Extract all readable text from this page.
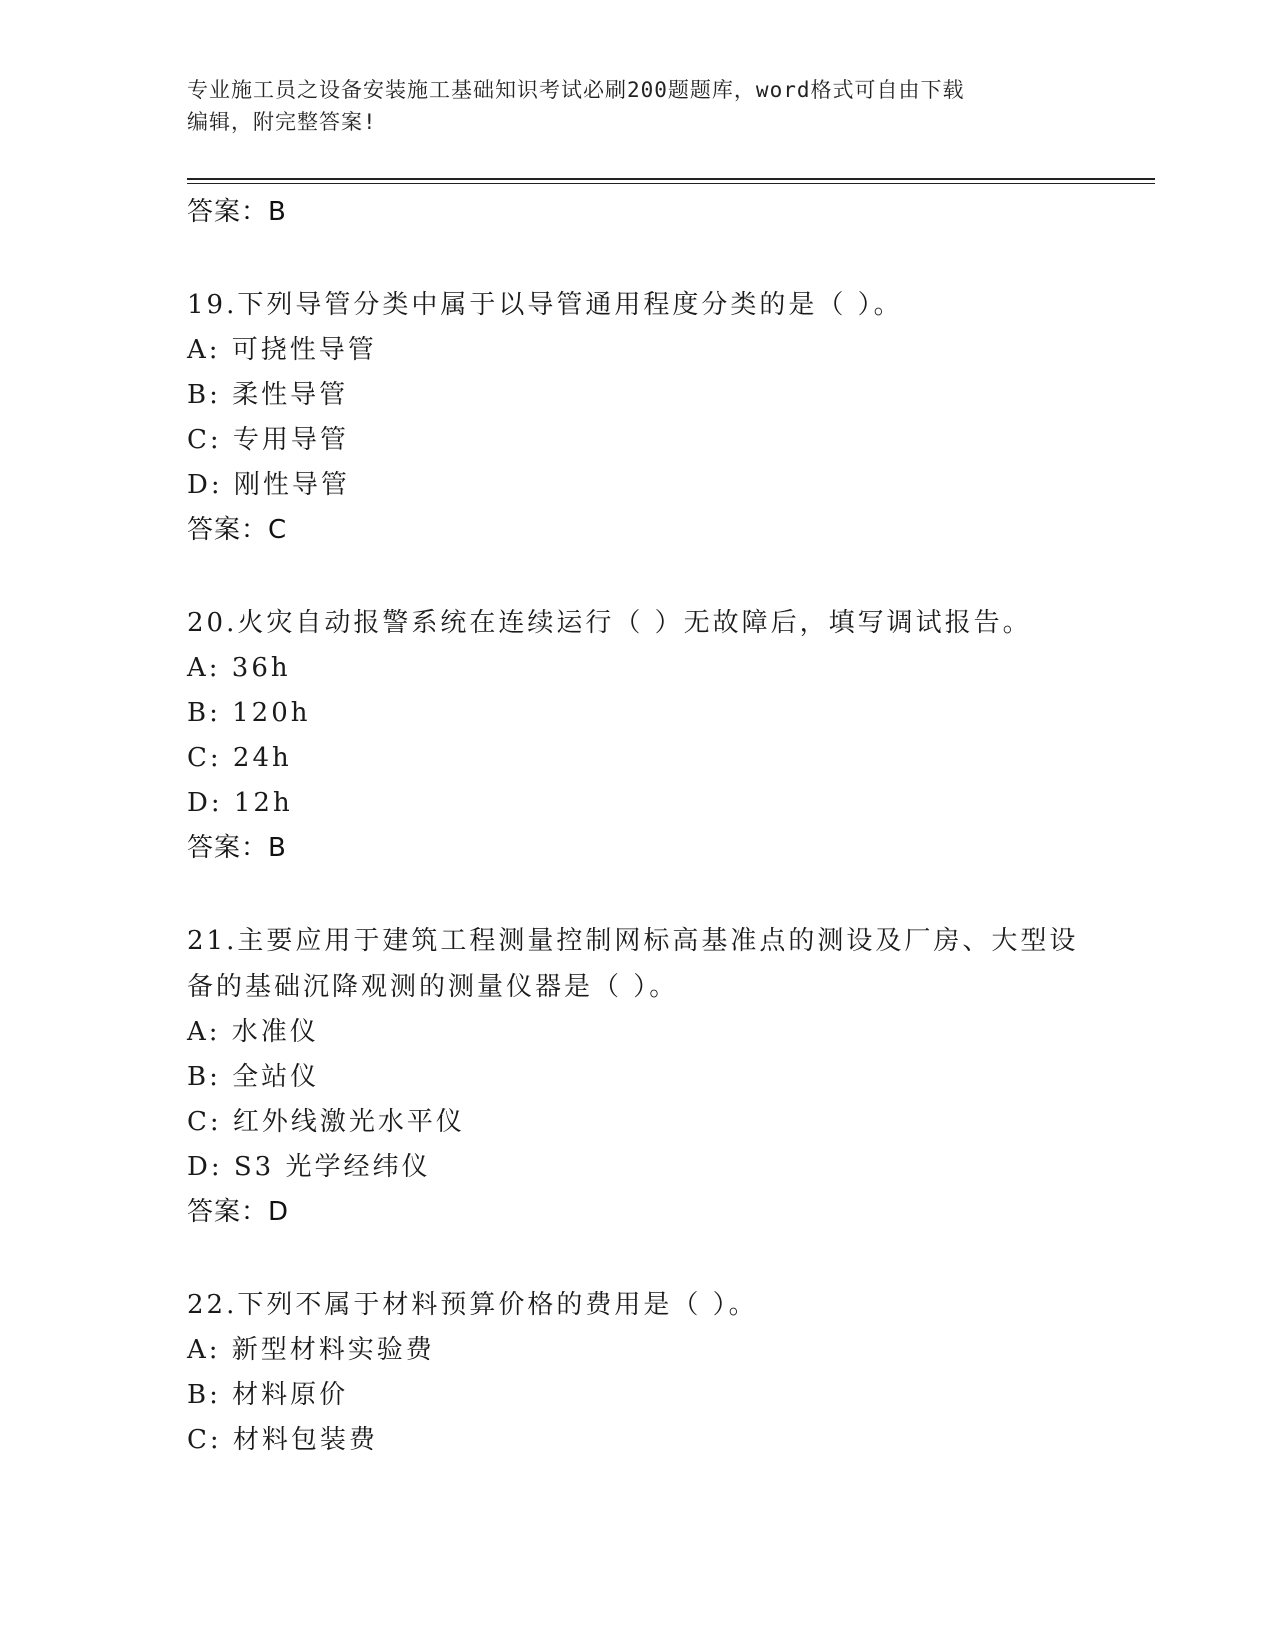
专业施工员之设备安装施工基础知识考试必刷200题题库，word格式可自由下载
编辑，附完整答案!
答案：B
19.下列导管分类中属于以导管通用程度分类的是（ ）。
A: 可挠性导管
B: 柔性导管
C: 专用导管
D: 刚性导管
答案：C
20.火灾自动报警系统在连续运行（ ）无故障后，填写调试报告。
A: 36h
B: 120h
C: 24h
D: 12h
答案：B
21.主要应用于建筑工程测量控制网标高基准点的测设及厂房、大型设
备的基础沉降观测的测量仪器是（ ）。
A: 水准仪
B: 全站仪
C: 红外线激光水平仪
D: S3 光学经纬仪
答案：D
22.下列不属于材料预算价格的费用是（ ）。
A: 新型材料实验费
B: 材料原价
C: 材料包装费
